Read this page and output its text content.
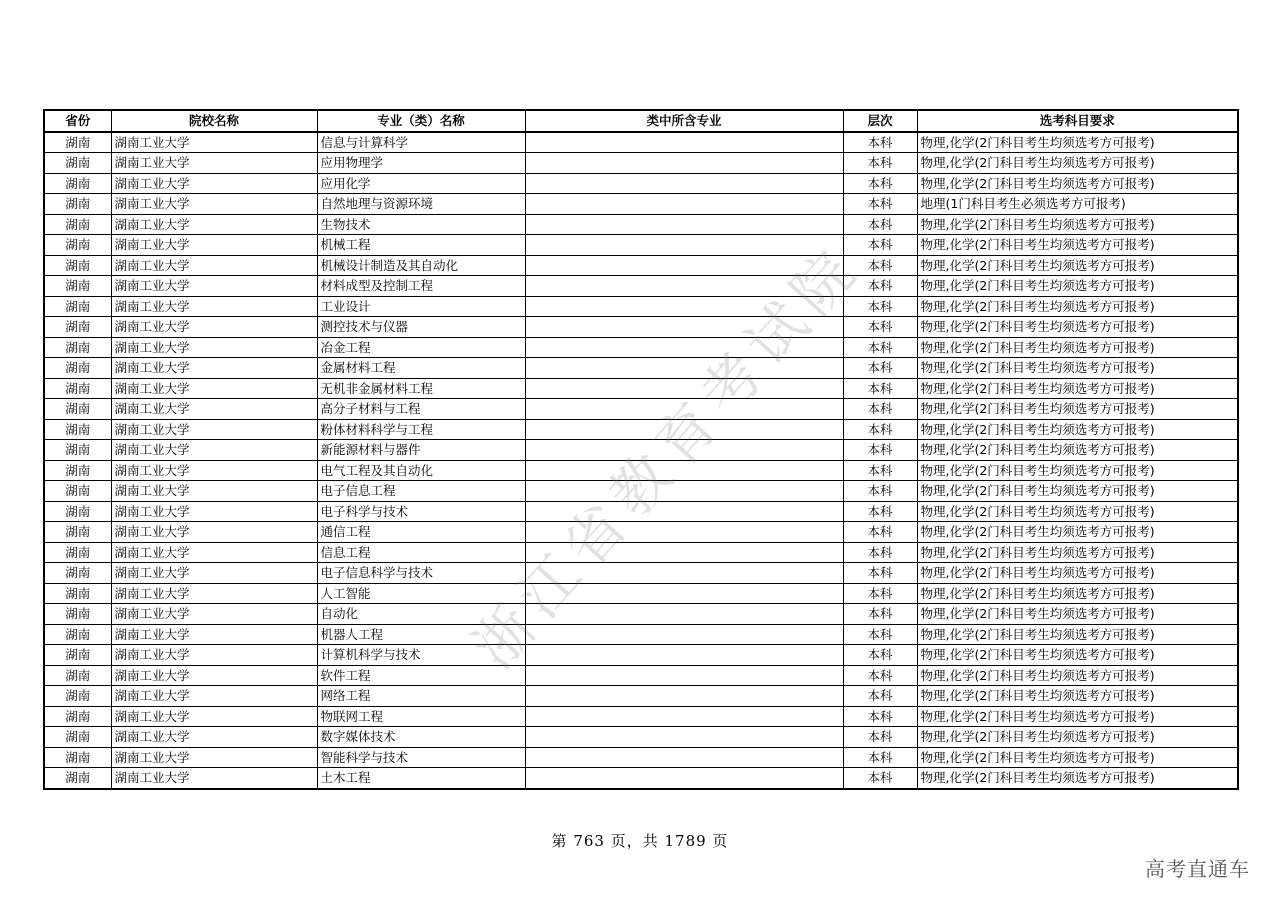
省份	院校名称	专业（类）名称	类中所含专业	层次	选考科目要求
湖南	湖南工业大学	信息与计算科学		本科	物理,化学(2门科目考生均须选考方可报考)
湖南	湖南工业大学	应用物理学		本科	物理,化学(2门科目考生均须选考方可报考)
湖南	湖南工业大学	应用化学		本科	物理,化学(2门科目考生均须选考方可报考)
湖南	湖南工业大学	自然地理与资源环境		本科	地理(1门科目考生必须选考方可报考)
湖南	湖南工业大学	生物技术		本科	物理,化学(2门科目考生均须选考方可报考)
湖南	湖南工业大学	机械工程		本科	物理,化学(2门科目考生均须选考方可报考)
湖南	湖南工业大学	机械设计制造及其自动化		本科	物理,化学(2门科目考生均须选考方可报考)
湖南	湖南工业大学	材料成型及控制工程		本科	物理,化学(2门科目考生均须选考方可报考)
湖南	湖南工业大学	工业设计		本科	物理,化学(2门科目考生均须选考方可报考)
湖南	湖南工业大学	测控技术与仪器		本科	物理,化学(2门科目考生均须选考方可报考)
湖南	湖南工业大学	冶金工程		本科	物理,化学(2门科目考生均须选考方可报考)
湖南	湖南工业大学	金属材料工程		本科	物理,化学(2门科目考生均须选考方可报考)
湖南	湖南工业大学	无机非金属材料工程		本科	物理,化学(2门科目考生均须选考方可报考)
湖南	湖南工业大学	高分子材料与工程		本科	物理,化学(2门科目考生均须选考方可报考)
湖南	湖南工业大学	粉体材料科学与工程		本科	物理,化学(2门科目考生均须选考方可报考)
湖南	湖南工业大学	新能源材料与器件		本科	物理,化学(2门科目考生均须选考方可报考)
湖南	湖南工业大学	电气工程及其自动化		本科	物理,化学(2门科目考生均须选考方可报考)
湖南	湖南工业大学	电子信息工程		本科	物理,化学(2门科目考生均须选考方可报考)
湖南	湖南工业大学	电子科学与技术		本科	物理,化学(2门科目考生均须选考方可报考)
湖南	湖南工业大学	通信工程		本科	物理,化学(2门科目考生均须选考方可报考)
湖南	湖南工业大学	信息工程		本科	物理,化学(2门科目考生均须选考方可报考)
湖南	湖南工业大学	电子信息科学与技术		本科	物理,化学(2门科目考生均须选考方可报考)
湖南	湖南工业大学	人工智能		本科	物理,化学(2门科目考生均须选考方可报考)
湖南	湖南工业大学	自动化		本科	物理,化学(2门科目考生均须选考方可报考)
湖南	湖南工业大学	机器人工程		本科	物理,化学(2门科目考生均须选考方可报考)
湖南	湖南工业大学	计算机科学与技术		本科	物理,化学(2门科目考生均须选考方可报考)
湖南	湖南工业大学	软件工程		本科	物理,化学(2门科目考生均须选考方可报考)
湖南	湖南工业大学	网络工程		本科	物理,化学(2门科目考生均须选考方可报考)
湖南	湖南工业大学	物联网工程		本科	物理,化学(2门科目考生均须选考方可报考)
湖南	湖南工业大学	数字媒体技术		本科	物理,化学(2门科目考生均须选考方可报考)
湖南	湖南工业大学	智能科学与技术		本科	物理,化学(2门科目考生均须选考方可报考)
湖南	湖南工业大学	土木工程		本科	物理,化学(2门科目考生均须选考方可报考)
浙江省教育考试院
第 763 页，共 1789 页
高考直通车
